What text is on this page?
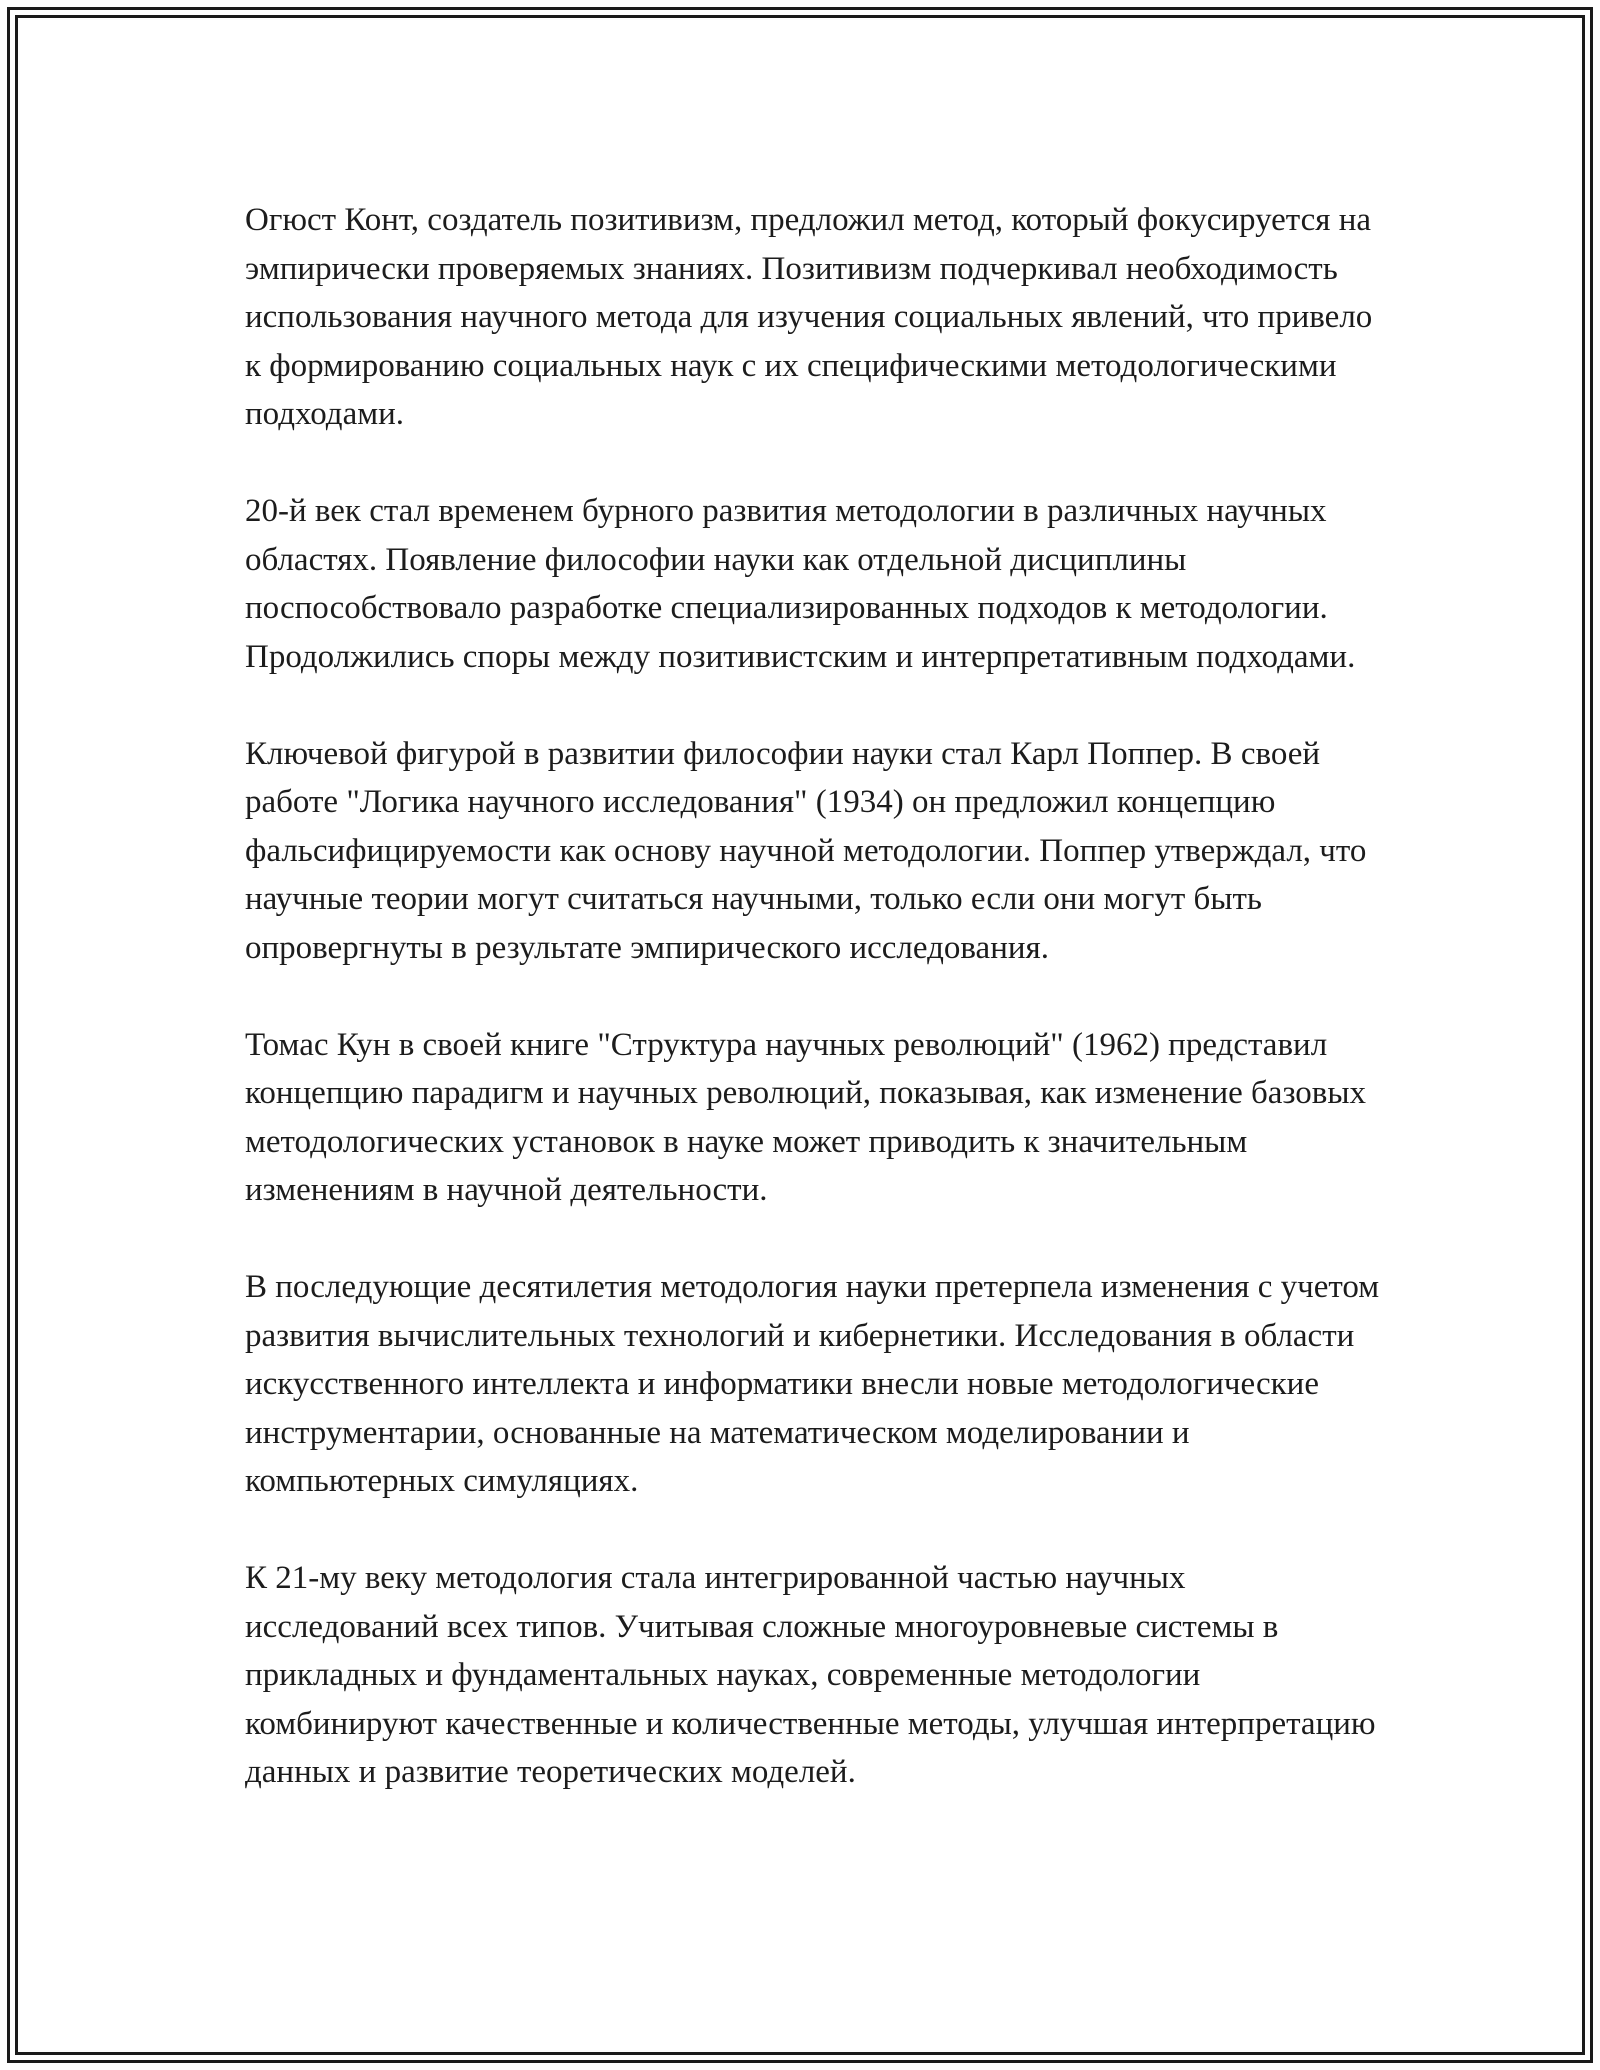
Огюст Конт, создатель позитивизм, предложил метод, который фокусируется на эмпирически проверяемых знаниях. Позитивизм подчеркивал необходимость использования научного метода для изучения социальных явлений, что привело к формированию социальных наук с их специфическими методологическими подходами.

20-й век стал временем бурного развития методологии в различных научных областях. Появление философии науки как отдельной дисциплины поспособствовало разработке специализированных подходов к методологии. Продолжились споры между позитивистским и интерпретативным подходами.

Ключевой фигурой в развитии философии науки стал Карл Поппер. В своей работе "Логика научного исследования" (1934) он предложил концепцию фальсифицируемости как основу научной методологии. Поппер утверждал, что научные теории могут считаться научными, только если они могут быть опровергнуты в результате эмпирического исследования.

Томас Кун в своей книге "Структура научных революций" (1962) представил концепцию парадигм и научных революций, показывая, как изменение базовых методологических установок в науке может приводить к значительным изменениям в научной деятельности.

В последующие десятилетия методология науки претерпела изменения с учетом развития вычислительных технологий и кибернетики. Исследования в области искусственного интеллекта и информатики внесли новые методологические инструментарии, основанные на математическом моделировании и компьютерных симуляциях.

К 21-му веку методология стала интегрированной частью научных исследований всех типов. Учитывая сложные многоуровневые системы в прикладных и фундаментальных науках, современные методологии комбинируют качественные и количественные методы, улучшая интерпретацию данных и развитие теоретических моделей.
